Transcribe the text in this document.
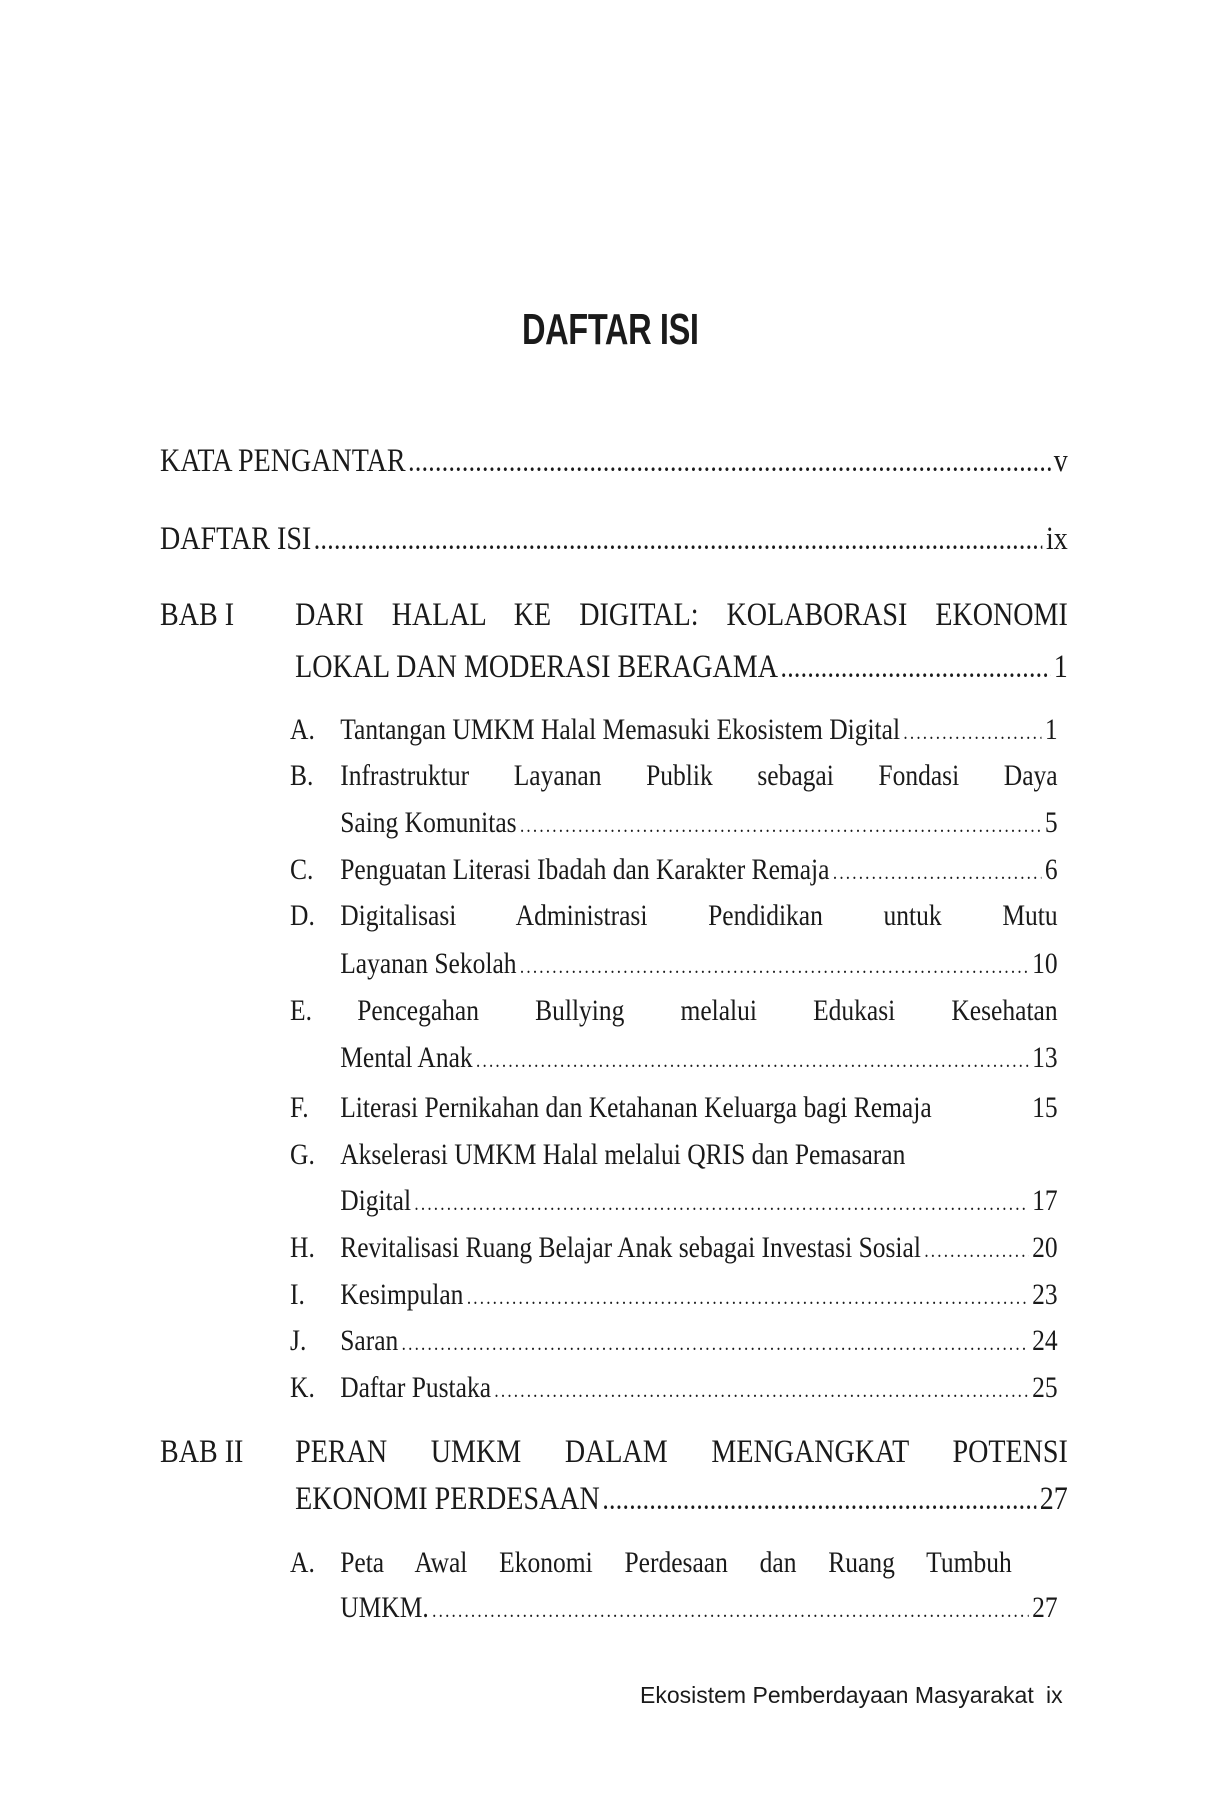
DAFTAR ISI
KATA PENGANTAR .....	v
DAFTAR ISI .....	ix
BAB I DARI HALAL KE DIGITAL: KOLABORASI EKONOMI
LOKAL DAN MODERASI BERAGAMA .....	1
A. Tantangan UMKM Halal Memasuki Ekosistem Digital .....	1
B. Infrastruktur Layanan Publik sebagai Fondasi Daya
Saing Komunitas .....	5
C. Penguatan Literasi Ibadah dan Karakter Remaja .....	6
D. Digitalisasi Administrasi Pendidikan untuk Mutu
Layanan Sekolah .....	10
E. Pencegahan Bullying melalui Edukasi Kesehatan
Mental Anak .....	13
F. Literasi Pernikahan dan Ketahanan Keluarga bagi Remaja	15
G. Akselerasi UMKM Halal melalui QRIS dan Pemasaran
Digital .....	17
H. Revitalisasi Ruang Belajar Anak sebagai Investasi Sosial .....	20
I. Kesimpulan .....	23
J. Saran .....	24
K. Daftar Pustaka .....	25
BAB II PERAN UMKM DALAM MENGANGKAT POTENSI
EKONOMI PERDESAAN .....	27
A. Peta Awal Ekonomi Perdesaan dan Ruang Tumbuh
UMKM. .....	27
Ekosistem Pemberdayaan Masyarakat ix
